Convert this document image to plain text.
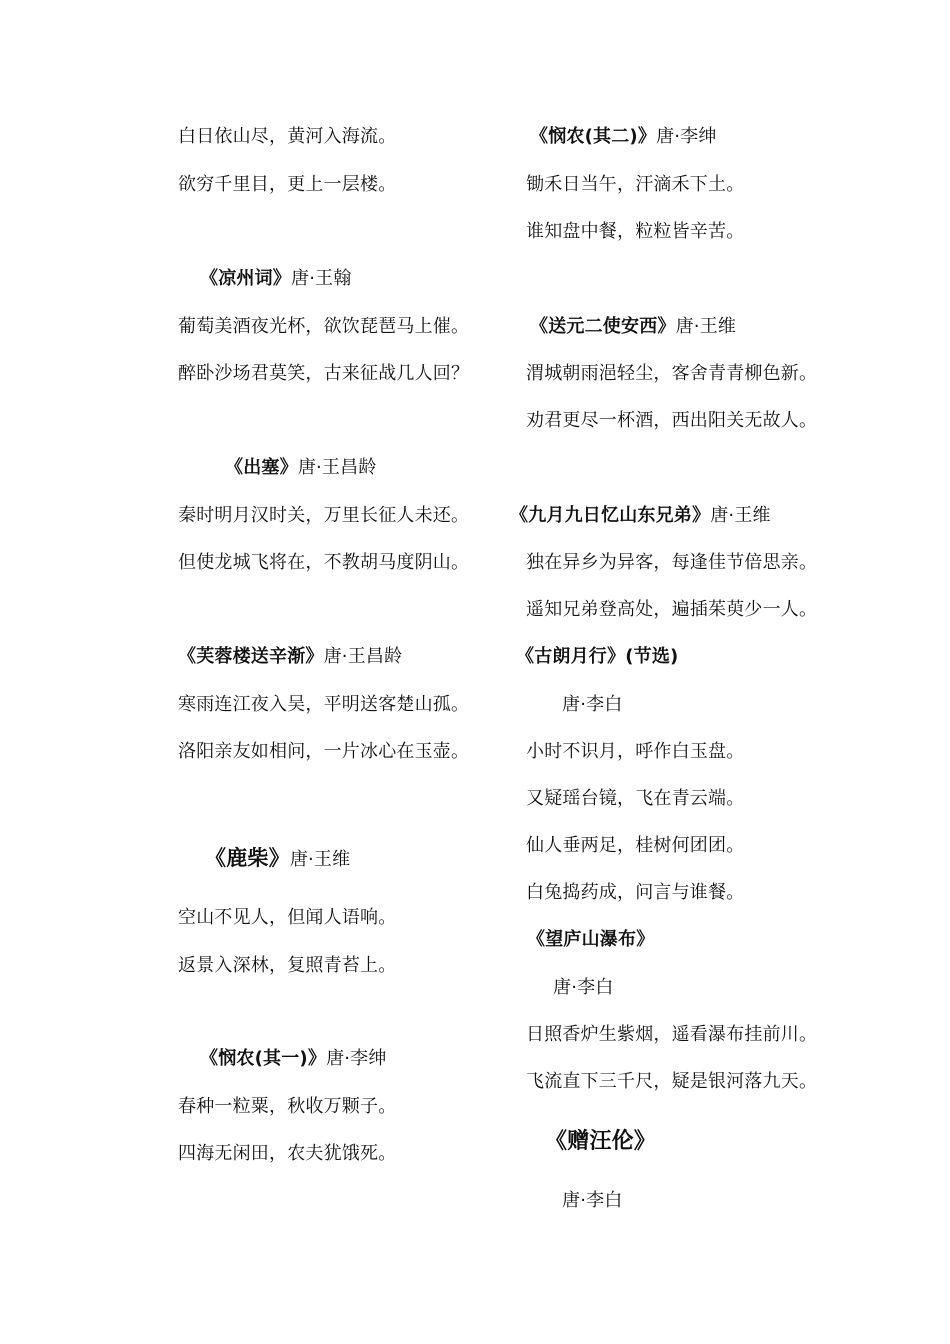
白日依山尽，黄河入海流。
欲穷千里目，更上一层楼。
《凉州词》唐·王翰
葡萄美酒夜光杯，欲饮琵琶马上催。
醉卧沙场君莫笑，古来征战几人回？
《出塞》唐·王昌龄
秦时明月汉时关，万里长征人未还。
但使龙城飞将在，不教胡马度阴山。
《芙蓉楼送辛渐》唐·王昌龄
寒雨连江夜入吴，平明送客楚山孤。
洛阳亲友如相问，一片冰心在玉壶。
《鹿柴》唐·王维
空山不见人，但闻人语响。
返景入深林，复照青苔上。
《悯农(其一)》唐·李绅
春种一粒粟，秋收万颗子。
四海无闲田，农夫犹饿死。
《悯农(其二)》唐·李绅
锄禾日当午，汗滴禾下土。
谁知盘中餐，粒粒皆辛苦。
《送元二使安西》唐·王维
渭城朝雨浥轻尘，客舍青青柳色新。
劝君更尽一杯酒，西出阳关无故人。
《九月九日忆山东兄弟》唐·王维
独在异乡为异客，每逢佳节倍思亲。
遥知兄弟登高处，遍插茱萸少一人。
《古朗月行》(节选)
唐·李白
小时不识月，呼作白玉盘。
又疑瑶台镜，飞在青云端。
仙人垂两足，桂树何团团。
白兔捣药成，问言与谁餐。
《望庐山瀑布》
唐·李白
日照香炉生紫烟，遥看瀑布挂前川。
飞流直下三千尺，疑是银河落九天。
《赠汪伦》
唐·李白
